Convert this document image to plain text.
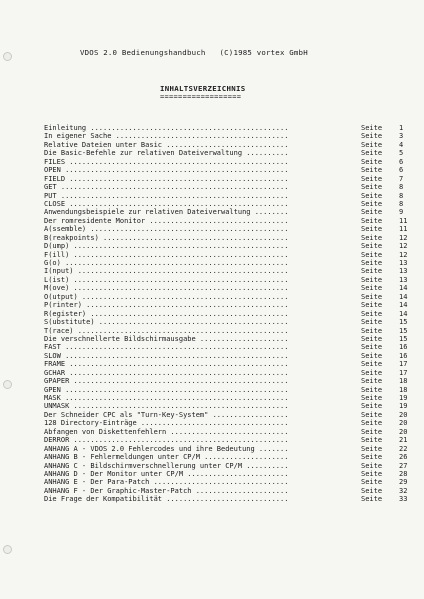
VDOS 2.0 Bedienungshandbuch (C)1985 vortex GmbH
INHALTSVERZEICHNIS
==================
Einleitung ...............................................	Seite 1
In eigener Sache .........................................	Seite 3
Relative Dateien unter Basic .............................	Seite 4
Die Basic-Befehle zur relativen Dateiverwaltung ..........	Seite 5
FILES ....................................................	Seite 6
OPEN .....................................................	Seite 6
FIELD ....................................................	Seite 7
GET ......................................................	Seite 8
PUT ......................................................	Seite 8
CLOSE ....................................................	Seite 8
Anwendungsbeispiele zur relativen Dateiverwaltung ........	Seite 9
Der romresidente Monitor .................................	Seite 11
A(ssemble) ...............................................	Seite 11
B(reakpoints) ............................................	Seite 12
D(ump) ...................................................	Seite 12
F(ill) ...................................................	Seite 12
G(o) .....................................................	Seite 13
I(nput) ..................................................	Seite 13
L(ist) ...................................................	Seite 13
M(ove) ...................................................	Seite 14
O(utput) .................................................	Seite 14
P(rinter) ................................................	Seite 14
R(egister) ...............................................	Seite 14
S(ubstitute) .............................................	Seite 15
T(race) ..................................................	Seite 15
Die verschnellerte Bildschirmausgabe .....................	Seite 15
FAST .....................................................	Seite 16
SLOW .....................................................	Seite 16
FRAME ....................................................	Seite 17
GCHAR ....................................................	Seite 17
GPAPER ...................................................	Seite 18
GPEN .....................................................	Seite 18
MASK .....................................................	Seite 19
UNMASK ...................................................	Seite 19
Der Schneider CPC als "Turn-Key-System" ..................	Seite 20
128 Directory-Einträge ...................................	Seite 20
Abfangen von Diskettenfehlern ............................	Seite 20
DERROR ...................................................	Seite 21
ANHANG A - VDOS 2.0 Fehlercodes und ihre Bedeutung .......	Seite 22
ANHANG B - Fehlermeldungen unter CP/M ....................	Seite 26
ANHANG C - Bildschirmverschnellerung unter CP/M ..........	Seite 27
ANHANG D - Der Monitor unter CP/M ........................	Seite 28
ANHANG E - Der Para-Patch ................................	Seite 29
ANHANG F - Der Graphic-Master-Patch ......................	Seite 32
Die Frage der Kompatibilität .............................	Seite 33
